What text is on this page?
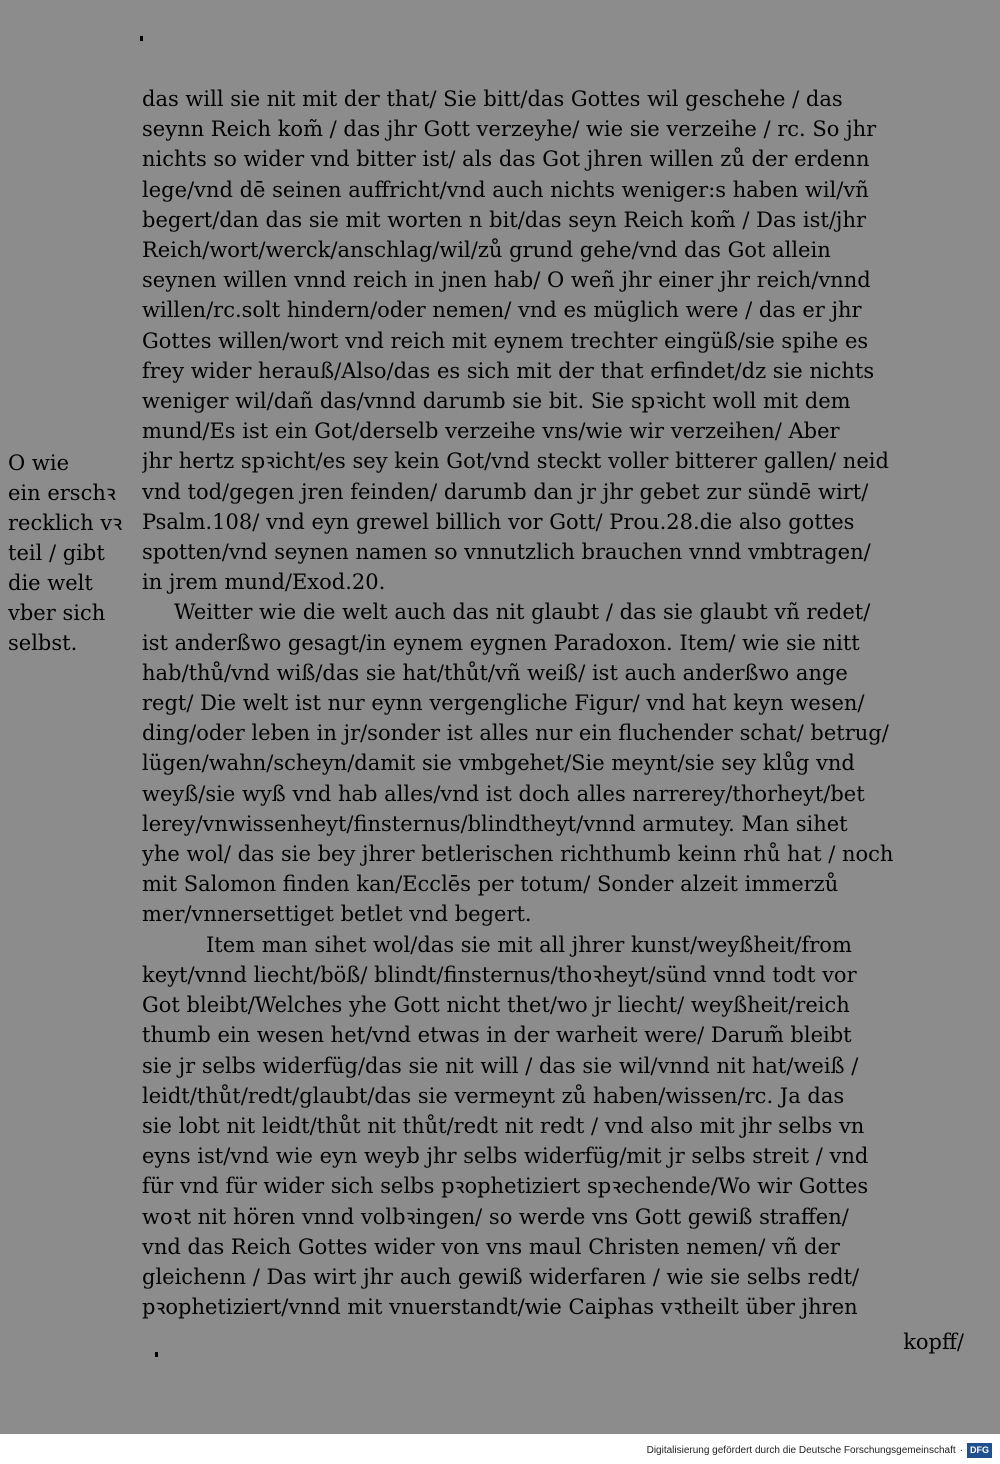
O wie
ein erschꝛ
recklich vꝛ
teil / gibt
die welt
vber sich
selbst.
das will sie nit mit der that/ Sie bitt/das Gottes wil geschehe / das
seynn Reich kom̃ / das jhr Gott verzeyhe/ wie sie verzeihe / rc. So jhr
nichts so wider vnd bitter ist/ als das Got jhren willen zů der erdenn
lege/vnd dē seinen auffricht/vnd auch nichts weniger:s haben wil/vñ
begert/dan das sie mit worten n bit/das seyn Reich kom̃ / Das ist/jhr
Reich/wort/werck/anschlag/wil/zů grund gehe/vnd das Got allein
seynen willen vnnd reich in jnen hab/ O weñ jhr einer jhr reich/vnnd
willen/rc.solt hindern/oder nemen/ vnd es müglich were / das er jhr
Gottes willen/wort vnd reich mit eynem trechter eingüß/sie spihe es
frey wider herauß/Also/das es sich mit der that erfindet/dz sie nichts
weniger wil/dañ das/vnnd darumb sie bit. Sie spꝛicht woll mit dem
mund/Es ist ein Got/derselb verzeihe vns/wie wir verzeihen/ Aber
jhr hertz spꝛicht/es sey kein Got/vnd steckt voller bitterer gallen/ neid
vnd tod/gegen jren feinden/ darumb dan jr jhr gebet zur sündē wirt/
Psalm.108/ vnd eyn grewel billich vor Gott/ Prou.28.die also gottes
spotten/vnd seynen namen so vnnutzlich brauchen vnnd vmbtragen/
in jrem mund/Exod.20.
Weitter wie die welt auch das nit glaubt / das sie glaubt vñ redet/
ist anderßwo gesagt/in eynem eygnen Paradoxon. Item/ wie sie nitt
hab/thů/vnd wiß/das sie hat/thůt/vñ weiß/ ist auch anderßwo ange
regt/ Die welt ist nur eynn vergengliche Figur/ vnd hat keyn wesen/
ding/oder leben in jr/sonder ist alles nur ein fluchender schat/ betrug/
lügen/wahn/scheyn/damit sie vmbgehet/Sie meynt/sie sey klůg vnd
weyß/sie wyß vnd hab alles/vnd ist doch alles narrerey/thorheyt/bet
lerey/vnwissenheyt/finsternus/blindtheyt/vnnd armutey. Man sihet
yhe wol/ das sie bey jhrer betlerischen richthumb keinn rhů hat / noch
mit Salomon finden kan/Ecclēs per totum/ Sonder alzeit immerzů
mer/vnnersettiget betlet vnd begert.
Item man sihet wol/das sie mit all jhrer kunst/weyßheit/from
keyt/vnnd liecht/böß/ blindt/finsternus/thoꝛheyt/sünd vnnd todt vor
Got bleibt/Welches yhe Gott nicht thet/wo jr liecht/ weyßheit/reich
thumb ein wesen het/vnd etwas in der warheit were/ Darum̃ bleibt
sie jr selbs widerfüg/das sie nit will / das sie wil/vnnd nit hat/weiß /
leidt/thůt/redt/glaubt/das sie vermeynt zů haben/wissen/rc. Ja das
sie lobt nit leidt/thůt nit thůt/redt nit redt / vnd also mit jhr selbs vn
eyns ist/vnd wie eyn weyb jhr selbs widerfüg/mit jr selbs streit / vnd
für vnd für wider sich selbs pꝛophetiziert spꝛechende/Wo wir Gottes
woꝛt nit hören vnnd volbꝛingen/ so werde vns Gott gewiß straffen/
vnd das Reich Gottes wider von vns maul Christen nemen/ vñ der
gleichenn / Das wirt jhr auch gewiß widerfaren / wie sie selbs redt/
pꝛophetiziert/vnnd mit vnuerstandt/wie Caiphas vꝛtheilt über jhren
kopff/
Digitalisierung gefördert durch die Deutsche Forschungsgemeinschaft · DFG
